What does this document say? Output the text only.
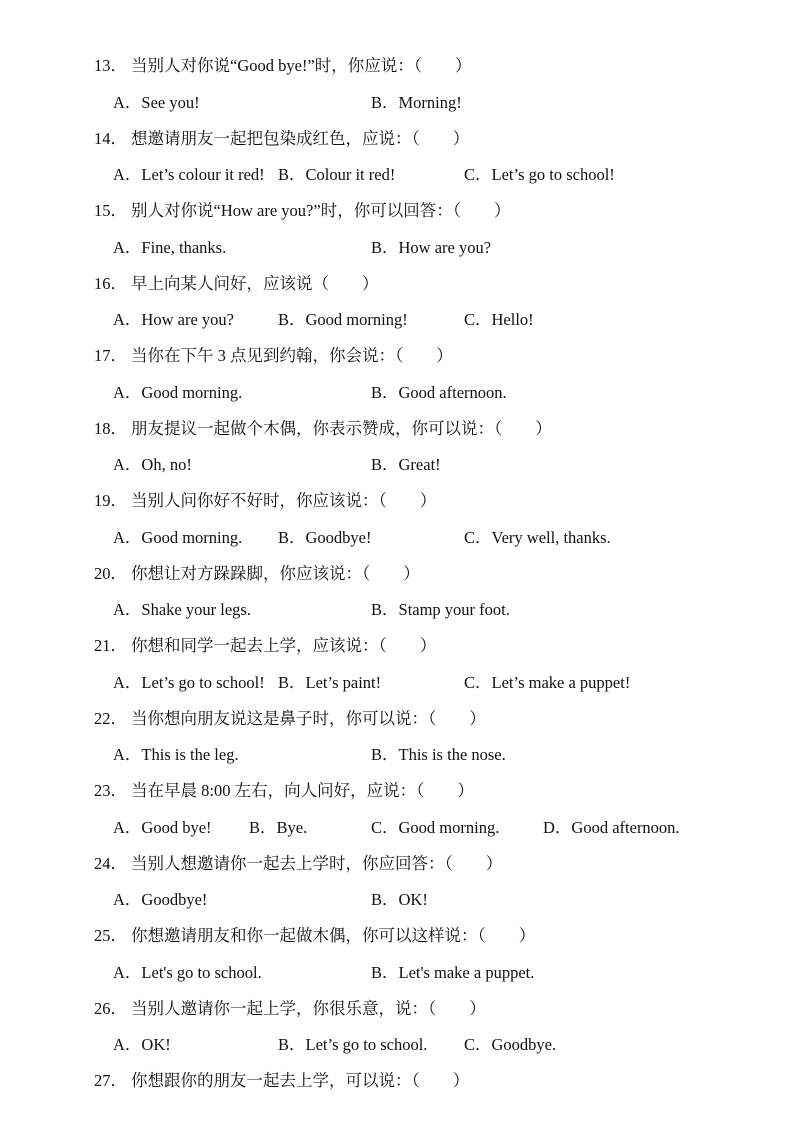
13． 当别人对你说“Good bye!”时，你应说：（　　）
A．See you!	B．Morning!
14． 想邀请朋友一起把包染成红色，应说：（　　）
A．Let’s colour it red! B．Colour it red!	C．Let’s go to school!
15． 别人对你说“How are you?”时，你可以回答：（　　）
A．Fine, thanks.	B．How are you?
16． 早上向某人问好，应该说（　　）
A．How are you?	B．Good morning!	C．Hello!
17． 当你在下午 3 点见到约翰，你会说：（　　）
A．Good morning.	B．Good afternoon.
18． 朋友提议一起做个木偶，你表示赞成，你可以说：（　　）
A．Oh, no!	B．Great!
19． 当别人问你好不好时，你应该说：（　　）
A．Good morning. B．Goodbye!	C．Very well, thanks.
20． 你想让对方跺跺脚，你应该说：（　　）
A．Shake your legs.	B．Stamp your foot.
21． 你想和同学一起去上学，应该说：（　　）
A．Let’s go to school! B．Let’s paint!	C．Let’s make a puppet!
22． 当你想向朋友说这是鼻子时，你可以说：（　　）
A．This is the leg.	B．This is the nose.
23． 当在早晨 8:00 左右，向人问好，应说：（　　）
A．Good bye! B．Bye.	C．Good morning.	D．Good afternoon.
24． 当别人想邀请你一起去上学时，你应回答：（　　）
A．Goodbye!	B．OK!
25． 你想邀请朋友和你一起做木偶，你可以这样说：（　　）
A．Let's go to school.	B．Let's make a puppet.
26． 当别人邀请你一起上学，你很乐意，说：（　　）
A．OK!	B．Let’s go to school. C．Goodbye.
27． 你想跟你的朋友一起去上学，可以说：（　　）
